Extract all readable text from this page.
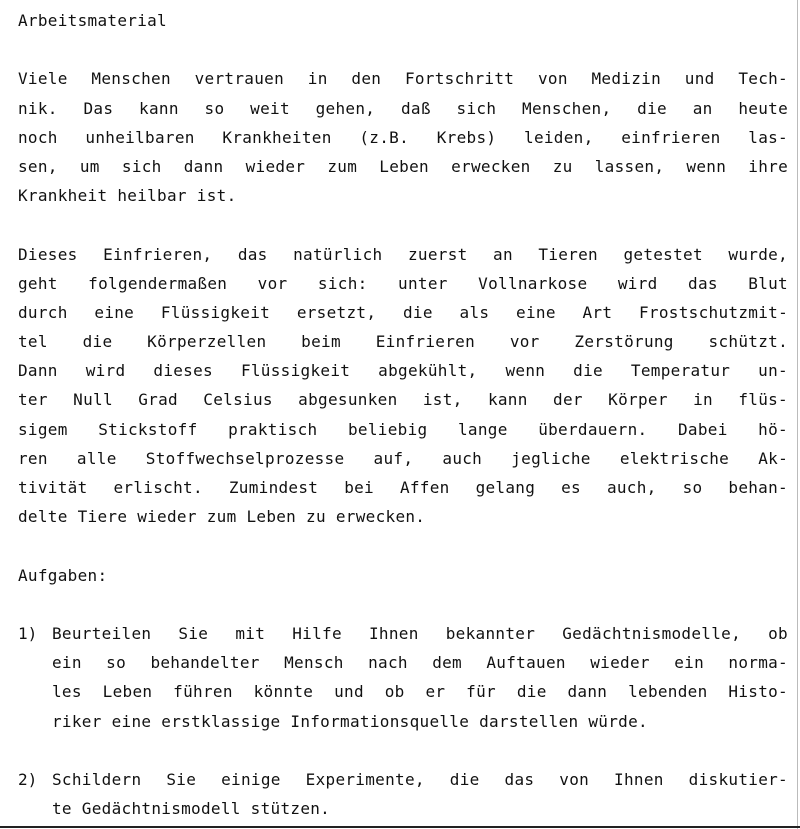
Arbeitsmaterial
Viele Menschen vertrauen in den Fortschritt von Medizin und Tech-
nik. Das kann so weit gehen, daß sich Menschen, die an heute
noch unheilbaren Krankheiten (z.B. Krebs) leiden, einfrieren las-
sen, um sich dann wieder zum Leben erwecken zu lassen, wenn ihre
Krankheit heilbar ist.
Dieses Einfrieren, das natürlich zuerst an Tieren getestet wurde,
geht folgendermaßen vor sich: unter Vollnarkose wird das Blut
durch eine Flüssigkeit ersetzt, die als eine Art Frostschutzmit-
tel die Körperzellen beim Einfrieren vor Zerstörung schützt.
Dann wird dieses Flüssigkeit abgekühlt, wenn die Temperatur un-
ter Null Grad Celsius abgesunken ist, kann der Körper in flüs-
sigem Stickstoff praktisch beliebig lange überdauern. Dabei hö-
ren alle Stoffwechselprozesse auf, auch jegliche elektrische Ak-
tivität erlischt. Zumindest bei Affen gelang es auch, so behan-
delte Tiere wieder zum Leben zu erwecken.
Aufgaben:
1) Beurteilen Sie mit Hilfe Ihnen bekannter Gedächtnismodelle, ob
ein so behandelter Mensch nach dem Auftauen wieder ein norma-
les Leben führen könnte und ob er für die dann lebenden Histo-
riker eine erstklassige Informationsquelle darstellen würde.
2) Schildern Sie einige Experimente, die das von Ihnen diskutier-
te Gedächtnismodell stützen.
